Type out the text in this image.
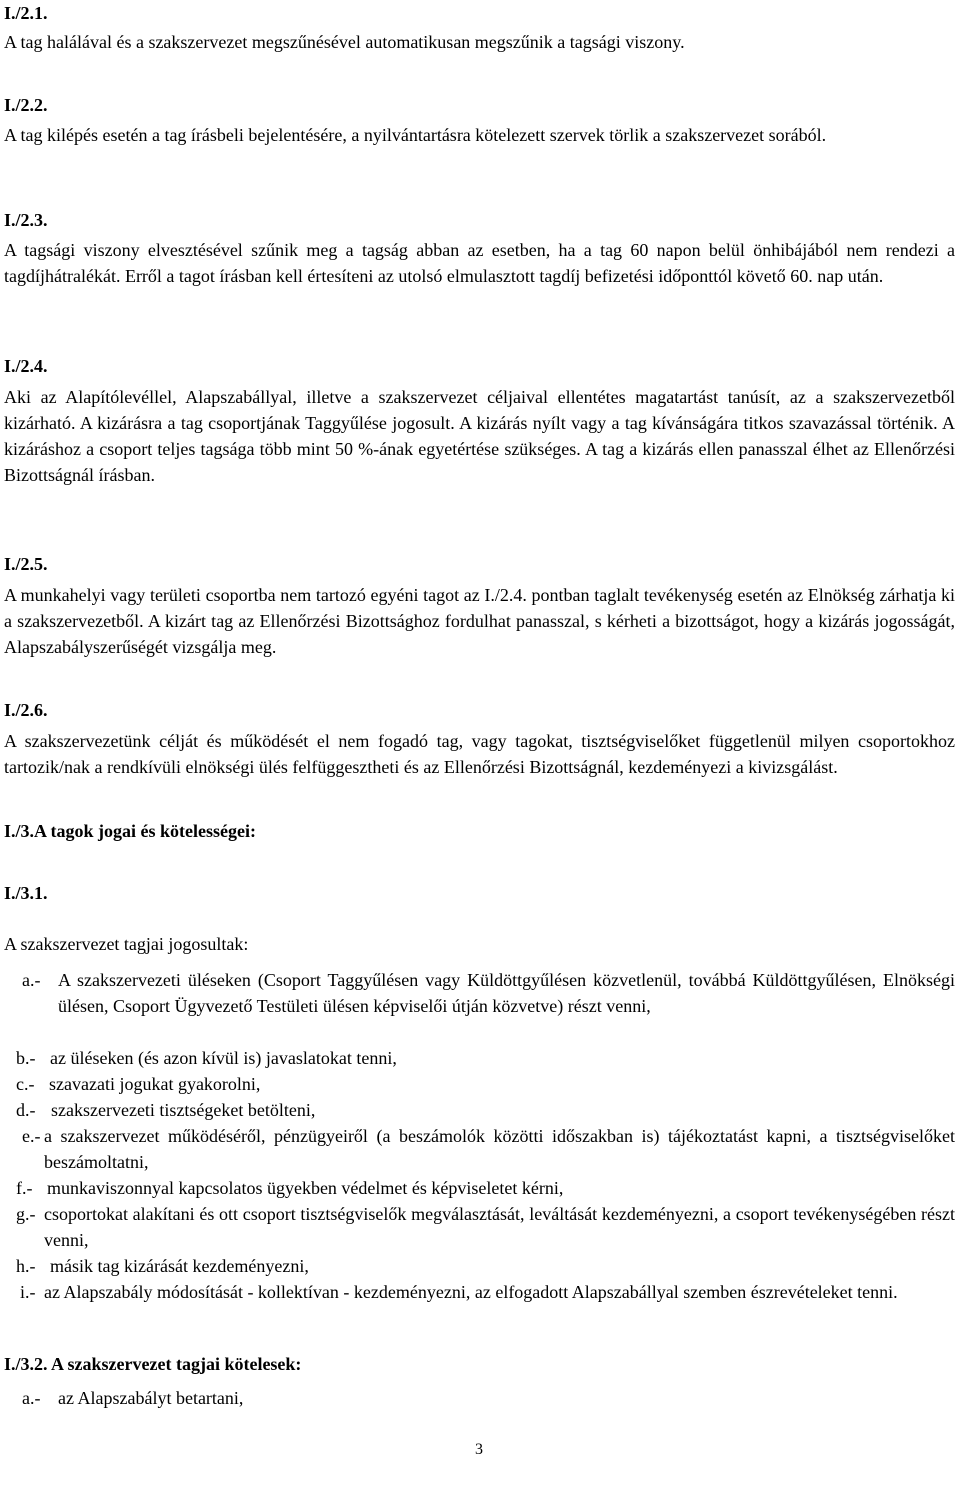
I./2.1.
A tag halálával és a szakszervezet megszűnésével automatikusan megszűnik a tagsági viszony.
I./2.2.
A tag kilépés esetén a tag írásbeli bejelentésére, a nyilvántartásra kötelezett szervek törlik a szakszervezet sorából.
I./2.3.
A tagsági viszony elvesztésével szűnik meg a tagság abban az esetben, ha a tag 60 napon belül önhibájából nem rendezi a tagdíjhátralékát. Erről a tagot írásban kell értesíteni az utolsó elmulasztott tagdíj befizetési időponttól követő 60. nap után.
I./2.4.
Aki az Alapítólevéllel, Alapszabállyal, illetve a szakszervezet céljaival ellentétes magatartást tanúsít, az a szakszervezetből kizárható. A kizárásra a tag csoportjának Taggyűlése jogosult. A kizárás nyílt vagy a tag kívánságára titkos szavazással történik. A kizáráshoz a csoport teljes tagsága több mint 50 %-ának egyetértése szükséges. A tag a kizárás ellen panasszal élhet az Ellenőrzési Bizottságnál írásban.
I./2.5.
A munkahelyi vagy területi csoportba nem tartozó egyéni tagot az I./2.4. pontban taglalt tevékenység esetén az Elnökség zárhatja ki a szakszervezetből. A kizárt tag az Ellenőrzési Bizottsághoz fordulhat panasszal, s kérheti a bizottságot, hogy a kizárás jogosságát, Alapszabályszerűségét vizsgálja meg.
I./2.6.
A szakszervezetünk célját és működését el nem fogadó tag, vagy tagokat, tisztségviselőket függetlenül milyen csoportokhoz tartozik/nak a rendkívüli elnökségi ülés felfüggesztheti és az Ellenőrzési Bizottságnál, kezdeményezi a kivizsgálást.
I./3.A tagok jogai és kötelességei:
I./3.1.
A szakszervezet tagjai jogosultak:
a.- A szakszervezeti üléseken (Csoport Taggyűlésen vagy Küldöttgyűlésen közvetlenül, továbbá Küldöttgyűlésen, Elnökségi ülésen, Csoport Ügyvezető Testületi ülésen képviselői útján közvetve) részt venni,
b.- az üléseken (és azon kívül is) javaslatokat tenni,
c.- szavazati jogukat gyakorolni,
d.- szakszervezeti tisztségeket betölteni,
e.- a szakszervezet működéséről, pénzügyeiről (a beszámolók közötti időszakban is) tájékoztatást kapni, a tisztségviselőket beszámoltatni,
f.- munkaviszonnyal kapcsolatos ügyekben védelmet és képviseletet kérni,
g.- csoportokat alakítani és ott csoport tisztségviselők megválasztását, leváltását kezdeményezni, a csoport tevékenységében részt venni,
h.- másik tag kizárását kezdeményezni,
i.- az Alapszabály módosítását - kollektívan - kezdeményezni, az elfogadott Alapszabállyal szemben észrevételeket tenni.
I./3.2. A szakszervezet tagjai kötelesek:
a.- az Alapszabályt betartani,
3
